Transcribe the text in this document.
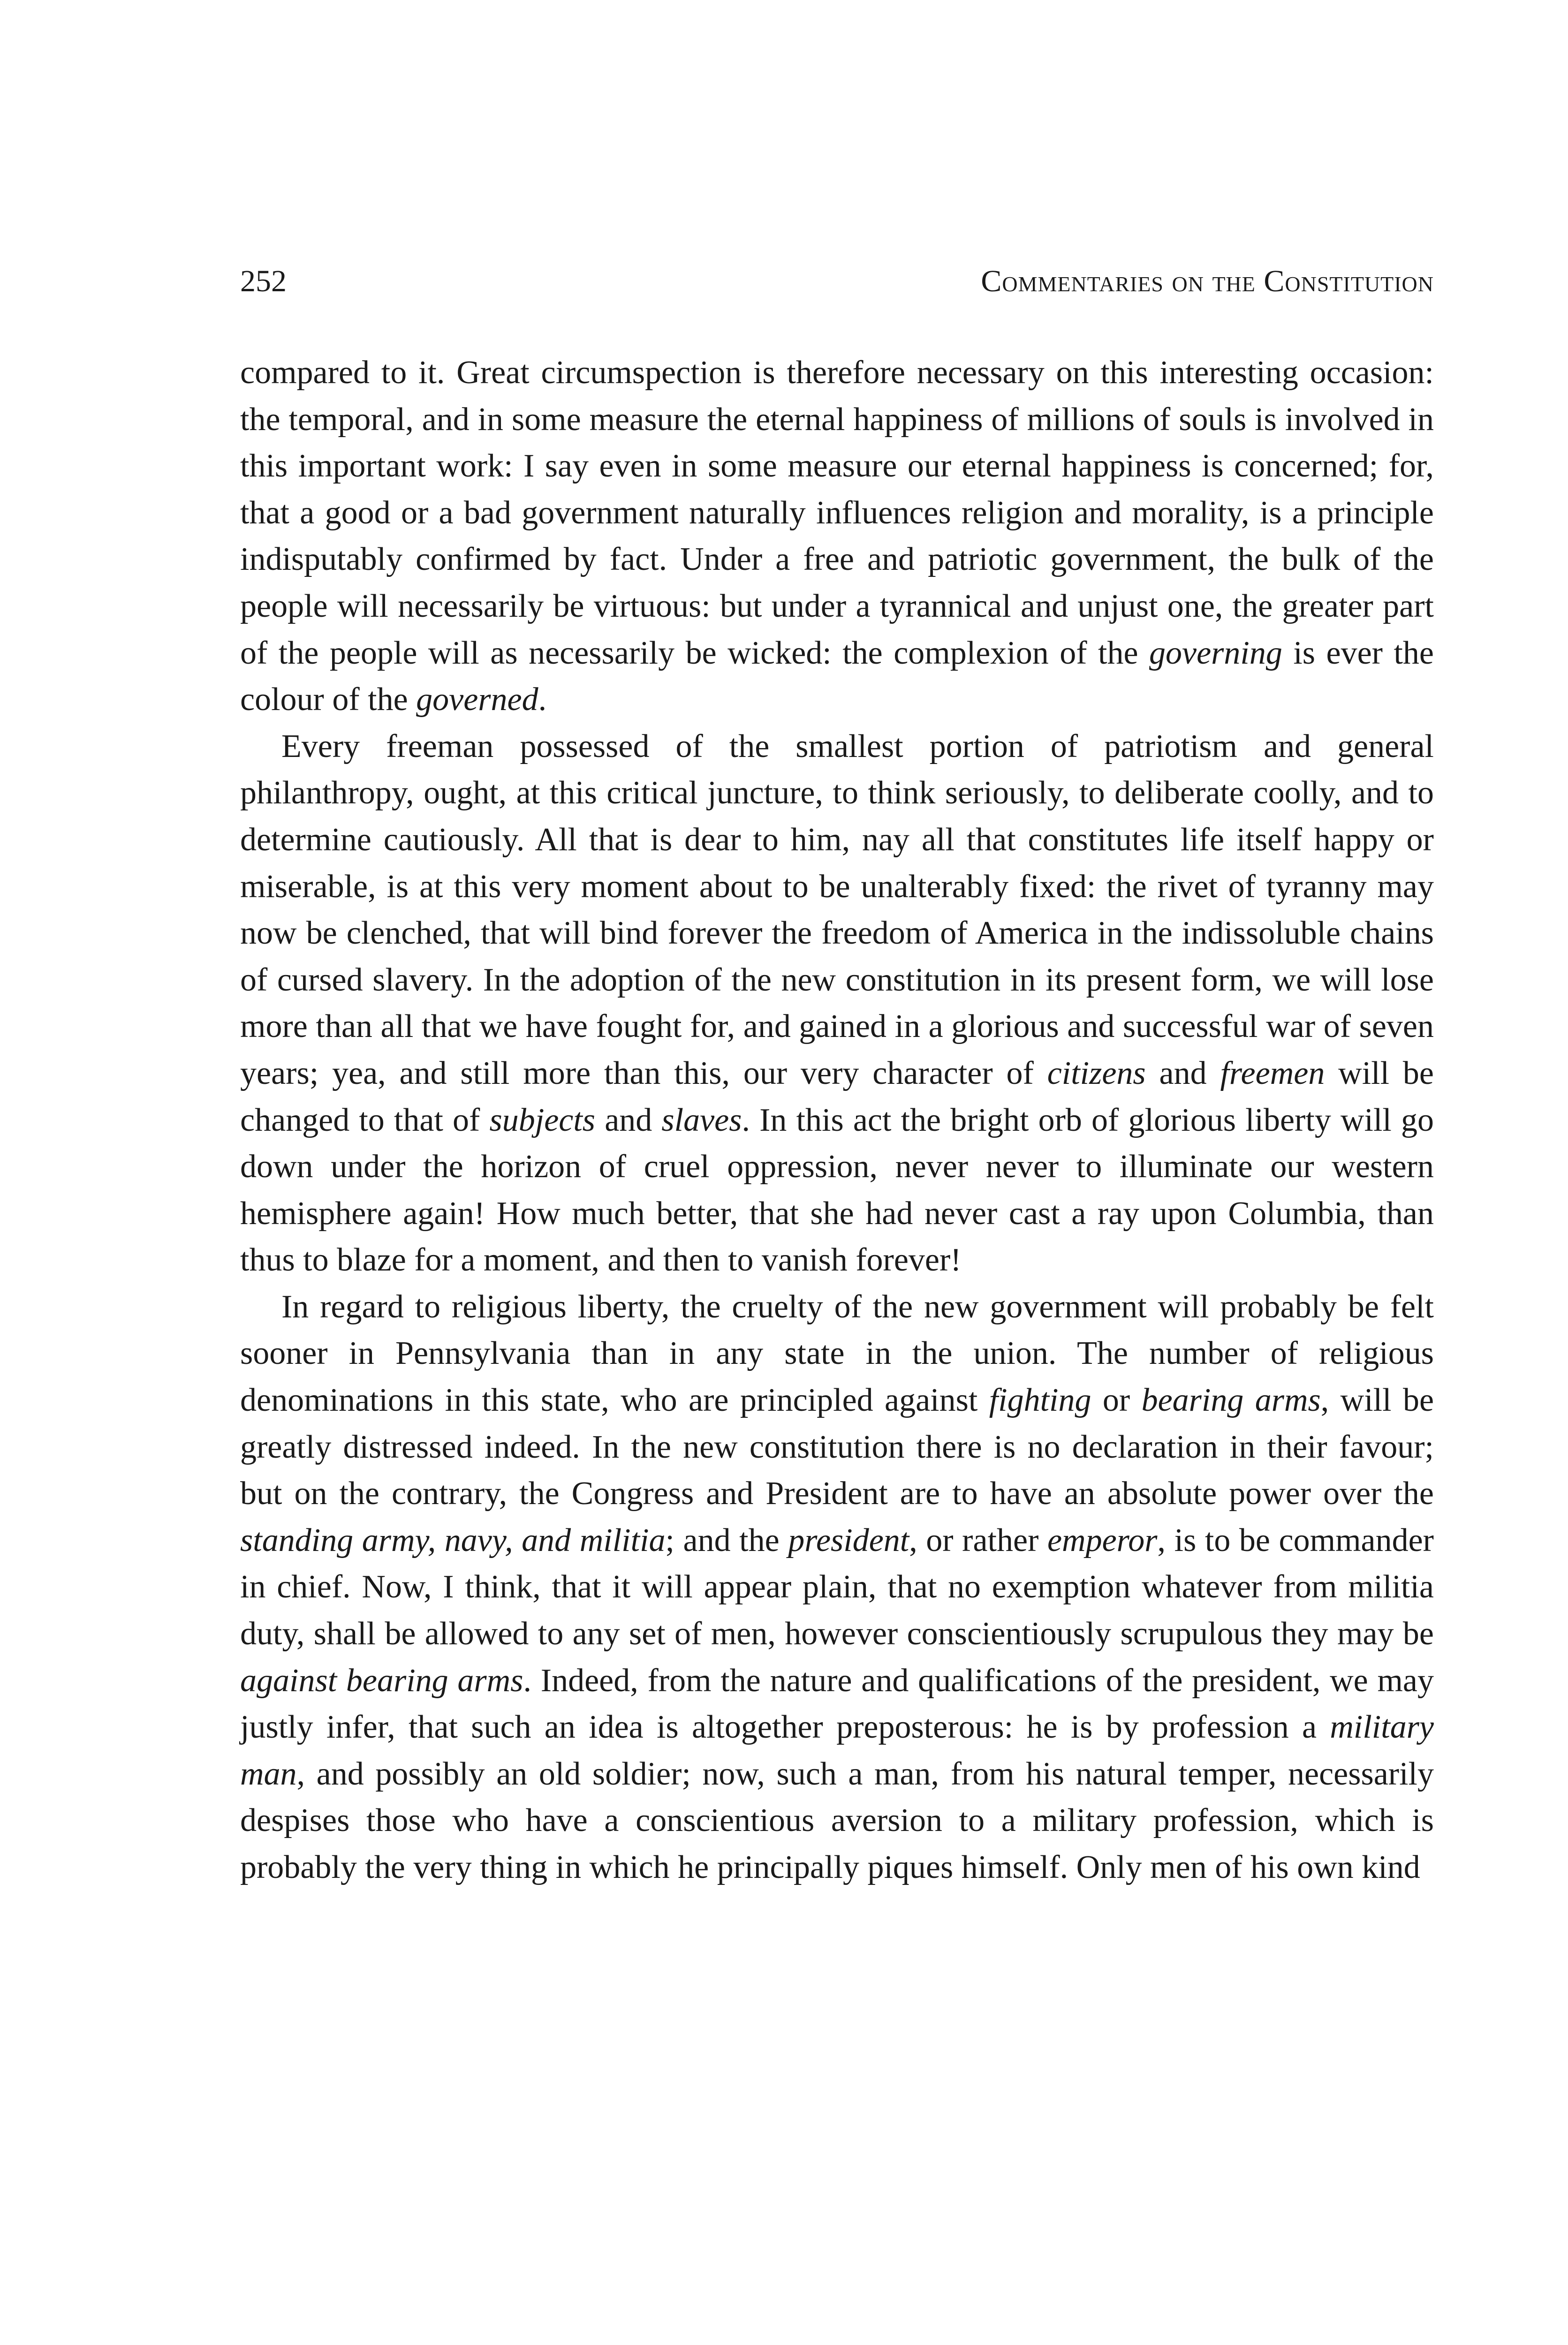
252	Commentaries on the Constitution

compared to it. Great circumspection is therefore necessary on this interesting occasion: the temporal, and in some measure the eternal happiness of millions of souls is involved in this important work: I say even in some measure our eternal happiness is concerned; for, that a good or a bad government naturally influences religion and morality, is a principle indisputably confirmed by fact. Under a free and patriotic government, the bulk of the people will necessarily be virtuous: but under a tyrannical and unjust one, the greater part of the people will as necessarily be wicked: the complexion of the governing is ever the colour of the governed.

Every freeman possessed of the smallest portion of patriotism and general philanthropy, ought, at this critical juncture, to think seriously, to deliberate coolly, and to determine cautiously. All that is dear to him, nay all that constitutes life itself happy or miserable, is at this very moment about to be unalterably fixed: the rivet of tyranny may now be clenched, that will bind forever the freedom of America in the indissoluble chains of cursed slavery. In the adoption of the new constitution in its present form, we will lose more than all that we have fought for, and gained in a glorious and successful war of seven years; yea, and still more than this, our very character of citizens and freemen will be changed to that of subjects and slaves. In this act the bright orb of glorious liberty will go down under the horizon of cruel oppression, never never to illuminate our western hemisphere again! How much better, that she had never cast a ray upon Columbia, than thus to blaze for a moment, and then to vanish forever!

In regard to religious liberty, the cruelty of the new government will probably be felt sooner in Pennsylvania than in any state in the union. The number of religious denominations in this state, who are principled against fighting or bearing arms, will be greatly distressed indeed. In the new constitution there is no declaration in their favour; but on the contrary, the Congress and President are to have an absolute power over the standing army, navy, and militia; and the president, or rather emperor, is to be commander in chief. Now, I think, that it will appear plain, that no exemption whatever from militia duty, shall be allowed to any set of men, however conscientiously scrupulous they may be against bearing arms. Indeed, from the nature and qualifications of the president, we may justly infer, that such an idea is altogether preposterous: he is by profession a military man, and possibly an old soldier; now, such a man, from his natural temper, necessarily despises those who have a conscientious aversion to a military profession, which is probably the very thing in which he principally piques himself. Only men of his own kind
